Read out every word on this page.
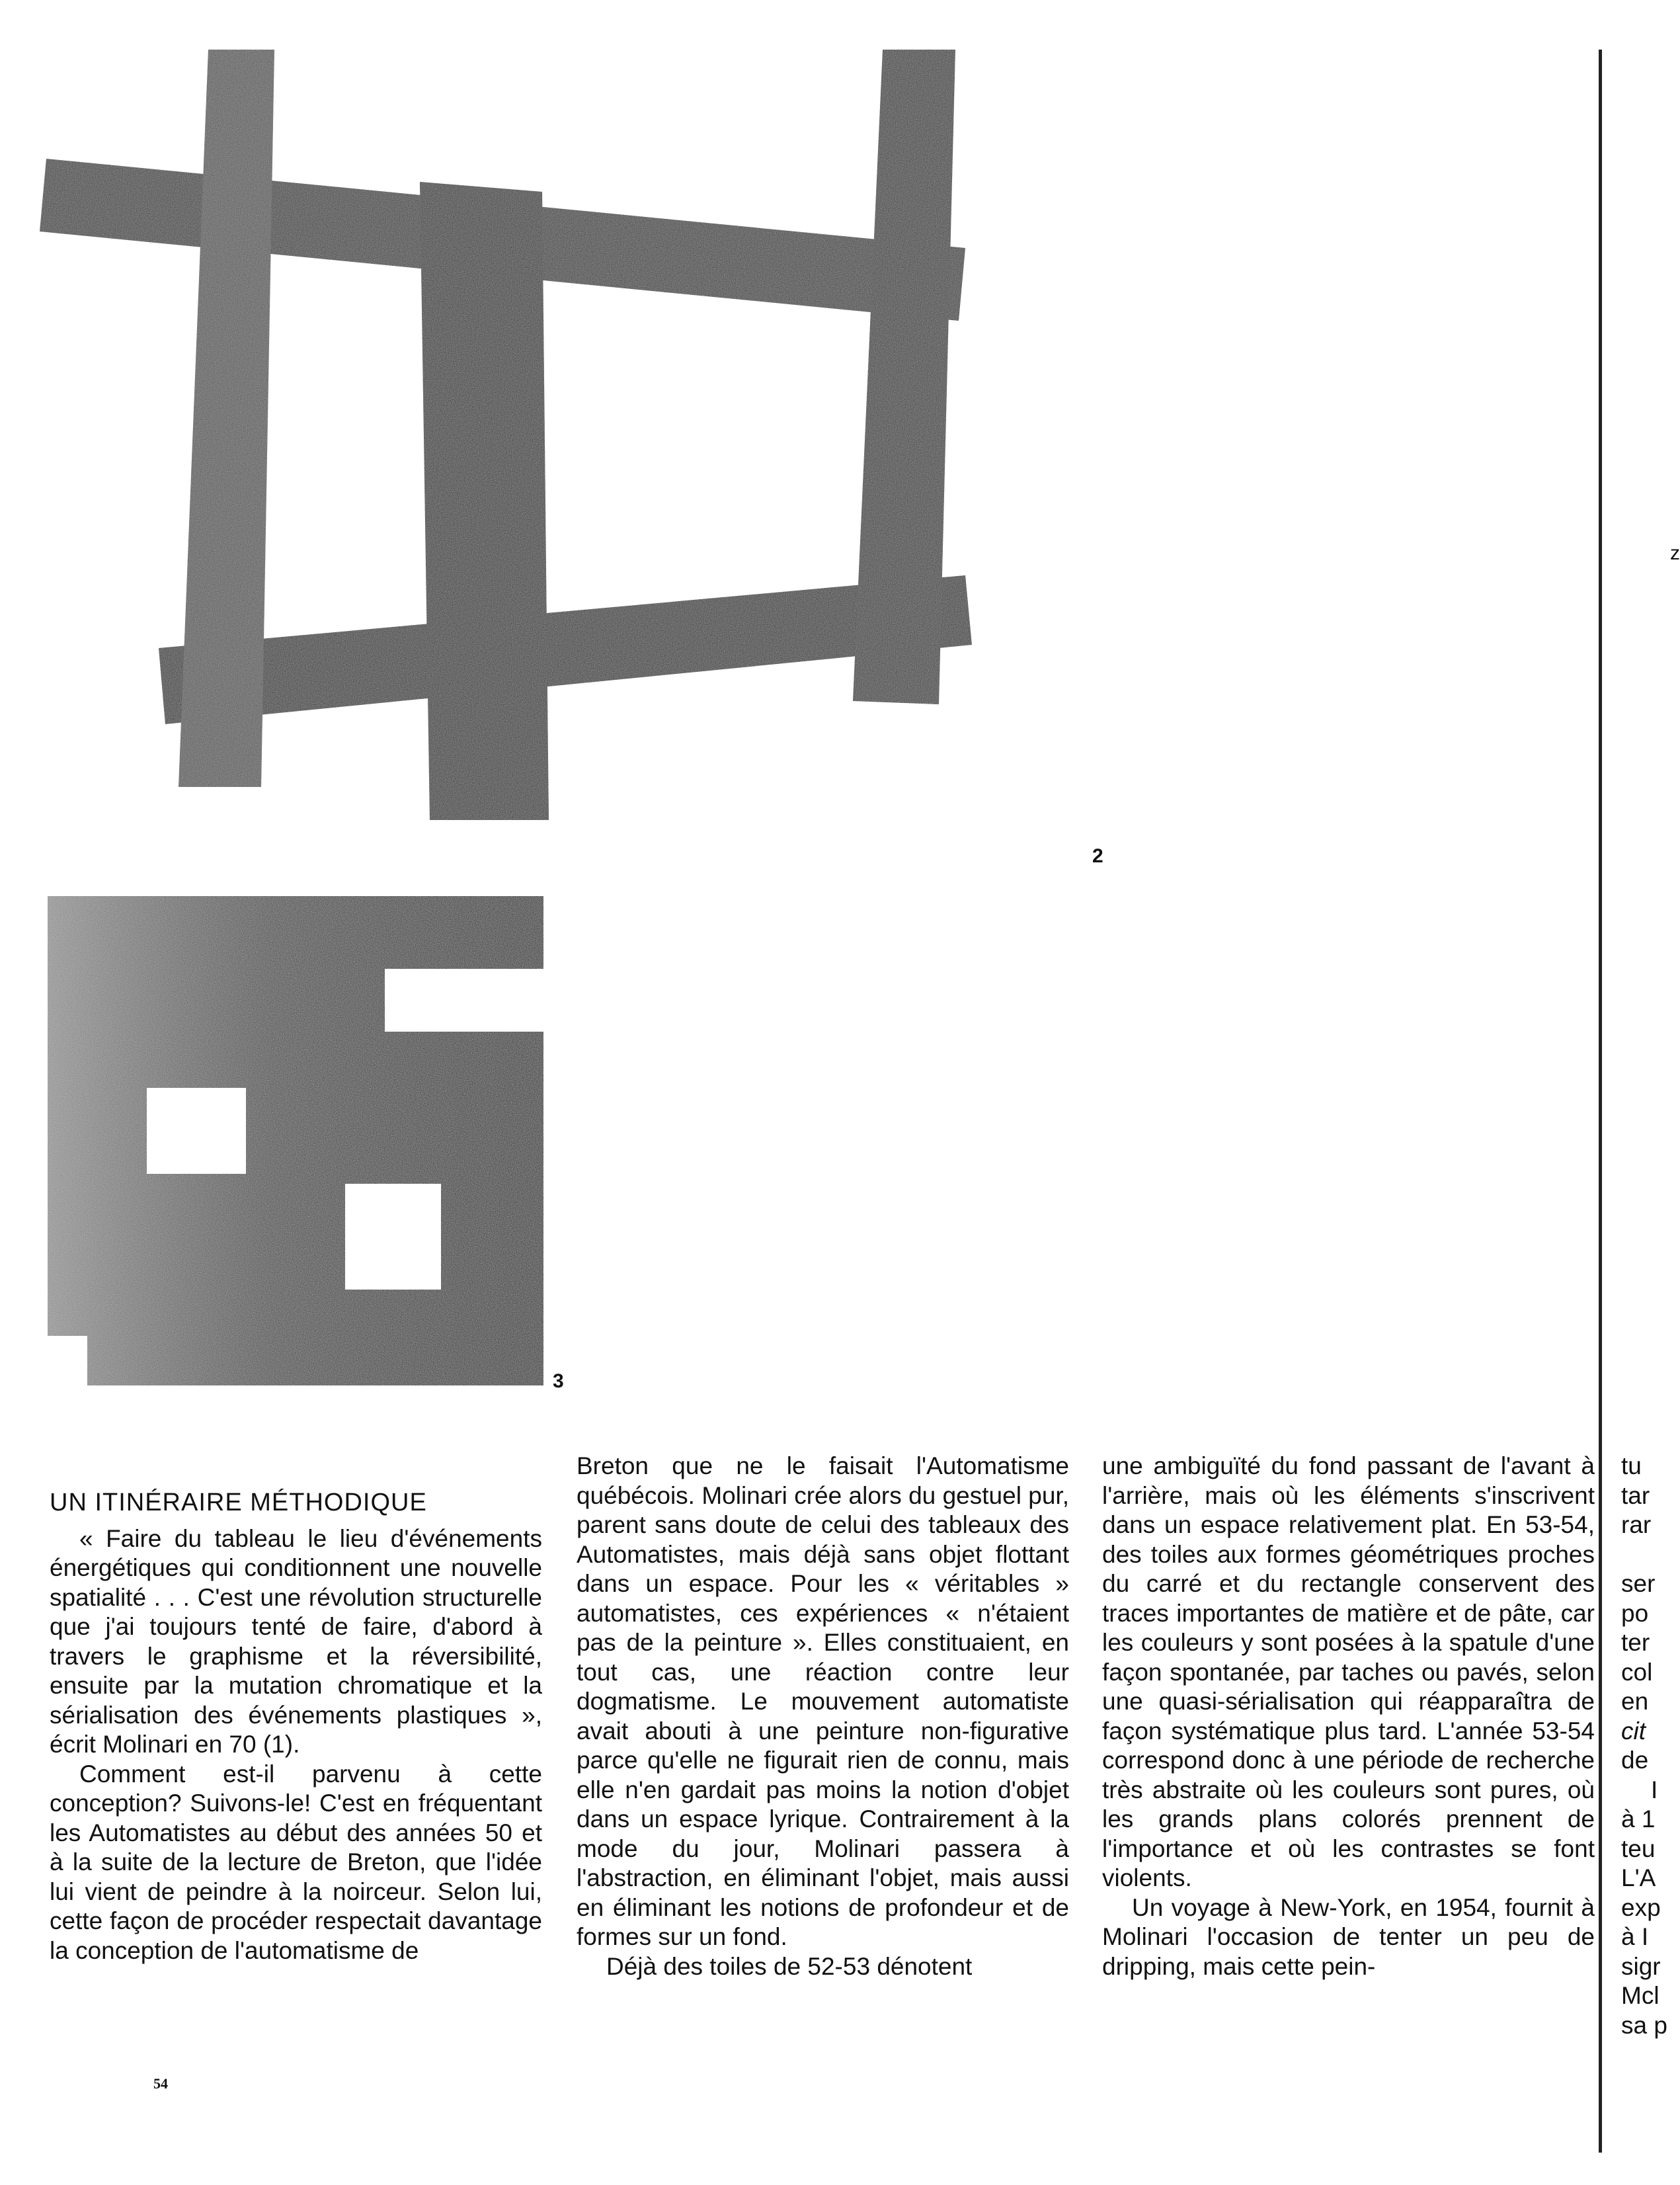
2
3

UN ITINÉRAIRE MÉTHODIQUE

« Faire du tableau le lieu d'événements énergétiques qui conditionnent une nouvelle spatialité . . . C'est une révolution structurelle que j'ai toujours tenté de faire, d'abord à travers le graphisme et la réversibilité, ensuite par la mutation chromatique et la sérialisation des événements plastiques », écrit Molinari en 70 (1).

Comment est-il parvenu à cette conception? Suivons-le! C'est en fréquentant les Automatistes au début des années 50 et à la suite de la lecture de Breton, que l'idée lui vient de peindre à la noirceur. Selon lui, cette façon de procéder respectait davantage la conception de l'automatisme de

Breton que ne le faisait l'Automatisme québécois. Molinari crée alors du gestuel pur, parent sans doute de celui des tableaux des Automatistes, mais déjà sans objet flottant dans un espace. Pour les « véritables » automatistes, ces expériences « n'étaient pas de la peinture ». Elles constituaient, en tout cas, une réaction contre leur dogmatisme. Le mouvement automatiste avait abouti à une peinture non-figurative parce qu'elle ne figurait rien de connu, mais elle n'en gardait pas moins la notion d'objet dans un espace lyrique. Contrairement à la mode du jour, Molinari passera à l'abstraction, en éliminant l'objet, mais aussi en éliminant les notions de profondeur et de formes sur un fond.

Déjà des toiles de 52-53 dénotent

une ambiguïté du fond passant de l'avant à l'arrière, mais où les éléments s'inscrivent dans un espace relativement plat. En 53-54, des toiles aux formes géométriques proches du carré et du rectangle conservent des traces importantes de matière et de pâte, car les couleurs y sont posées à la spatule d'une façon spontanée, par taches ou pavés, selon une quasi-sérialisation qui réapparaîtra de façon systématique plus tard. L'année 53-54 correspond donc à une période de recherche très abstraite où les couleurs sont pures, où les grands plans colorés prennent de l'importance et où les contrastes se font violents.

Un voyage à New-York, en 1954, fournit à Molinari l'occasion de tenter un peu de dripping, mais cette pein-

tu
tar
rar
ser
po
ter
col
en
cit
de
I
à 1
teu
L'A
exp
à I
sigr
Mcl
sa p
z
54
